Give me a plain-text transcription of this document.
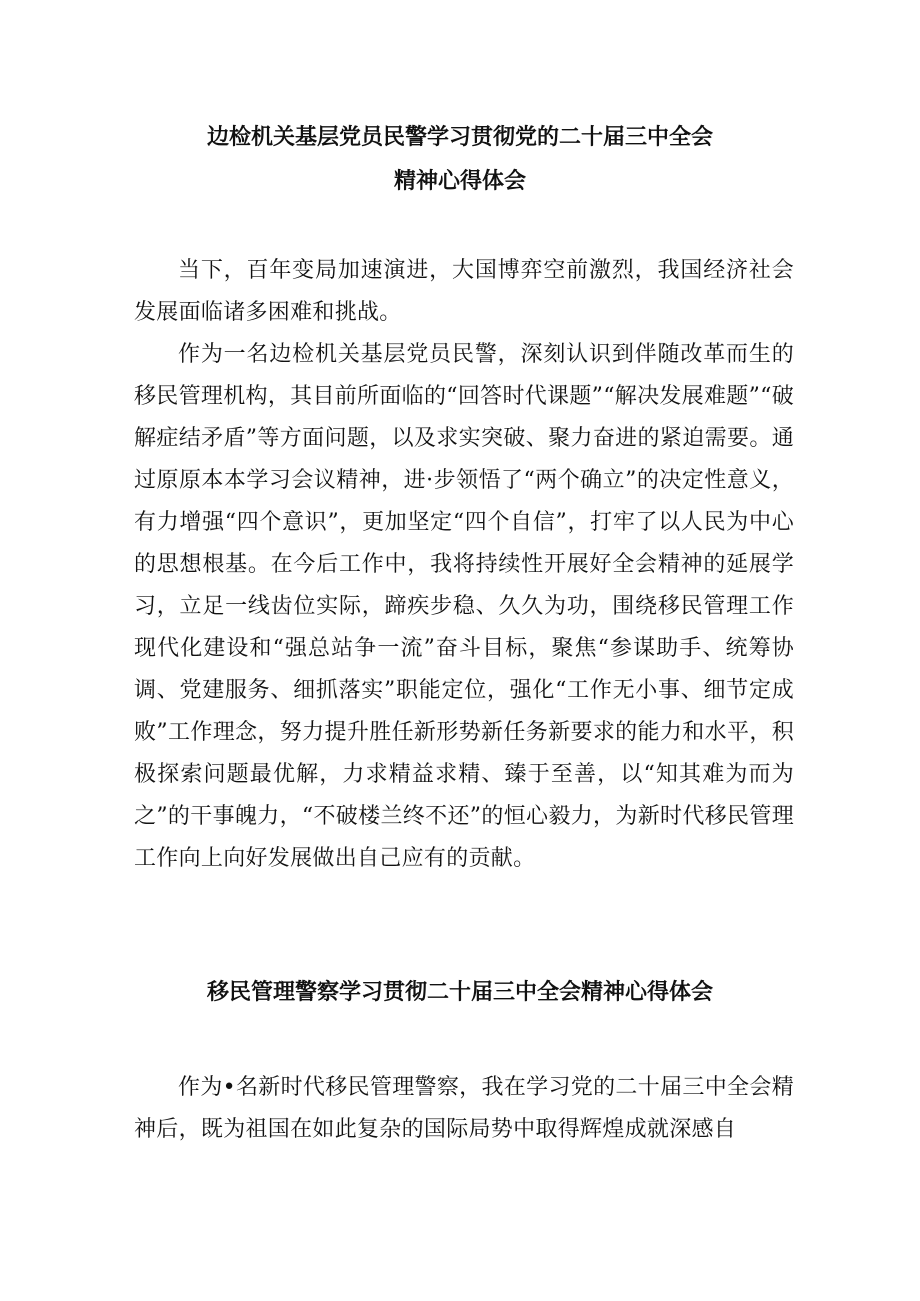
边检机关基层党员民警学习贯彻党的二十届三中全会
精神心得体会

当下，百年变局加速演进，大国博弈空前激烈，我国经济社会发展面临诸多困难和挑战。

作为一名边检机关基层党员民警，深刻认识到伴随改革而生的移民管理机构，其目前所面临的“回答时代课题”“解决发展难题”“破解症结矛盾”等方面问题，以及求实突破、聚力奋进的紧迫需要。通过原原本本学习会议精神，进·步领悟了“两个确立”的决定性意义，有力增强“四个意识”，更加坚定“四个自信”，打牢了以人民为中心的思想根基。在今后工作中，我将持续性开展好全会精神的延展学习，立足一线齿位实际，蹄疾步稳、久久为功，围绕移民管理工作现代化建设和“强总站争一流”奋斗目标，聚焦“参谋助手、统筹协调、党建服务、细抓落实”职能定位，强化“工作无小事、细节定成败”工作理念，努力提升胜任新形势新任务新要求的能力和水平，积极探索问题最优解，力求精益求精、臻于至善，以“知其难为而为之”的干事魄力，“不破楼兰终不还”的恒心毅力，为新时代移民管理工作向上向好发展做出自己应有的贡献。

移民管理警察学习贯彻二十届三中全会精神心得体会

作为•名新时代移民管理警察，我在学习党的二十届三中全会精神后，既为祖国在如此复杂的国际局势中取得辉煌成就深感自
